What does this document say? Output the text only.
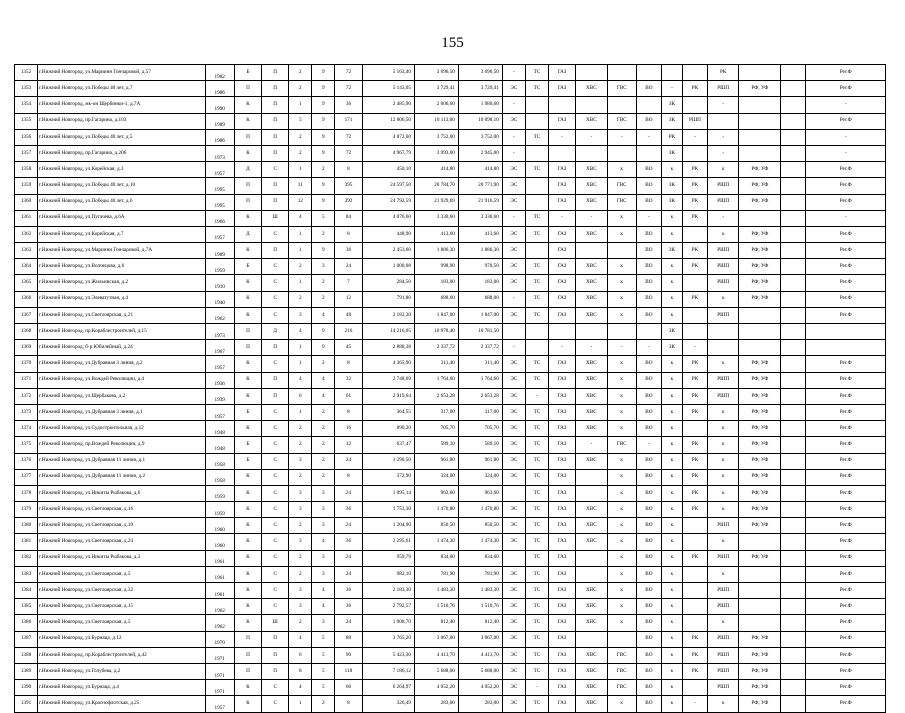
155
1352	г.Нижний Новгород, ул.Мариинн Гончаровой, д.57	1982	Б	П	2	9	72	5 163,40	3 696,50	3 696,50	-	ТС	ГАЗ						РК			Рег.Ф
1353	г.Нижний Новгород, ул.Победы 40 лет, д.7	1986	П	П	2	9	72	5 143,05	3 729,41	3 729,41	ЭС	ТС	ГАЗ	ХВС	ГВС	ВО	-	РК	РШП	РФ; УФ		Рег.Ф
1354	г.Нижний Новгород, мк-он Щербинки-1, д.7А	1990	К	П	1	9	36	2 485,90	2 006,60	1 980,60	-						ЗК		-			-
1355	г.Нижний Новгород, пр.Гагарина, д.103	1989	К	П	5	9	171	12 806,50	10 113,00	10 098,10	ЭС		ГАЗ	ХВС	ГВС	ВО	ЗК	РШП				Рег.Ф
1356	г.Нижний Новгород, ул.Победы 40 лет, д.5	1986	П	П	2	9	72	4 872,00	3 752,00	3 752,00	-	ТС	-	-	-	-	РК	-	-			-
1357	г.Нижний Новгород, пр.Гагарина, д.206	1973	К	П	2	9	72	4 967,79	3 993,00	2 945,00	-						ЗК		-			-
1358	г.Нижний Новгород, ул.Корейская, д.3	1957	Д	С	1	2	8	450,10	414,80	414,80	ЭС	ТС	ГАЗ	ХВС	к	ВО	к	РК	к	РФ; УФ		Рег.Ф
1359	г.Нижний Новгород, ул.Победы 40 лет, д.10	1995	П	П	11	9	395	24 597,50	20 784,70	20 771,90	ЭС		ГАЗ	ХВС	ГВС	ВО	ЗК	РК	РШП	РФ; УФ		Рег.Ф
1360	г.Нижний Новгород, ул.Победы 40 лет, д.6	1995	П	П	12	9	392	24 792,59	21 929,69	21 916,59	ЭС		ГАЗ	ХВС	ГВС	ВО	ЗК	РК	РШП	РФ; УФ		Рег.Ф
1361	г.Нижний Новгород, ул.Пугачева, д.6А	1966	К	Ш	4	5	84	4 076,60	3 330,60	3 330,60	-	ТС	-	-	к	-	к	РК	-			-
1362	г.Нижний Новгород, ул.Корейская, д.7	1957	Д	С	1	2	8	448,90	413,60	413,60	ЭС	ТС	ГАЗ	ХВС	к	ВО	к		к	РФ; УФ		Рег.Ф
1363	г.Нижний Новгород, ул.Мариинн Гончаровой, д.7А	1989	К	П	1	9	36	2 453,60	1 886,30	1 886,30	ЭС		ГАЗ			ВО	ЗК	РК	РШП	РФ; УФ		Рег.Ф
1364	г.Нижний Новгород, ул.Волчецова, д.6	1959	Б	С	2	3	24	1 000,08	998,90	970,50	ЭС	ТС	ГАЗ	ХВС	к	ВО	к	РК	РШП	РФ; УФ		Рег.Ф
1365	г.Нижний Новгород, ул.Жильинская, д.2	1910	К	С	1	2	7	284,50	183,00	183,00	ЭС	ТС	ГАЗ	ХВС	к	ВО	к		РШП	РФ; УФ		Рег.Ф
1366	г.Нижний Новгород, ул.Элеватутная, д.4	1940	К	С	2	2	12	791,80	688,60	688,00	-	ТС	ГАЗ	ХВС	к	ВО	к	РК	к	РФ; УФ		Рег.Ф
1367	г.Нижний Новгород, ул.Светлоярская, д.21	1962	К	С	3	4	48	2 182,30	1 847,00	1 847,00	ЭС	ТС	ГАЗ	ХВС	к	ВО	к		РШП			Рег.Ф
1368	г.Нижний Новгород, пр.Кораблестроителей, д.15	1973	П	Д	4	9	216	14 216,05	10 978,40	10 781,50							ЗК					
1369	г.Нижний Новгород, б-р Юбилейный, д.24	1967	П	П	1	9	45	2 888,38	2 337,72	2 337,72	-		-	-	-	-	ЗК	-				
1370	г.Нижний Новгород, ул.Дубравная 3 линия, д.2	1957	К	С	1	2	8	4 365,90	311,40	311,40	ЭС	ТС	ГАЗ	ХВС	к	ВО	к	РК	к	РФ; УФ		Рег.Ф
1371	г.Нижний Новгород, ул.Вождей Революции, д.4	1936	К	П	4	4	32	2 748,69	1 764,60	1 764,60	ЭС	ТС	ГАЗ	ХВС	к	ВО	к	РК	РШП	РФ; УФ		Рег.Ф
1372	г.Нижний Новгород, ул.Щербакова, д.2	1939	К	П	6	4	61	2 919,64	2 653,28	2 653,28	ЭС	-	ГАЗ	ХВС	к	ВО	к	РК	РШП	РФ; УФ		Рег.Ф
1373	г.Нижний Новгород, ул.Дубравная 3 линия, д.1	1957	Б	С	1	2	8	364,55	317,00	317,00	ЭС	ТС	ГАЗ	ХВС	к	ВО	к	РК	к	РФ; УФ		Рег.Ф
1374	г.Нижний Новгород, ул.Судостроительная, д.12	1948	К	С	2	2	16	890,20	705,70	705,70	ЭС	ТС	ГАЗ	ХВС	к	ВО	к		к	РФ; УФ		Рег.Ф
1375	г.Нижний Новгород, пр.Вождей Революции, д.9	1948	Б	С	2	2	12	637,47	589,10	589,10	ЭС	ТС	ГАЗ	-	ГВС	-	к	РК	к	РФ; УФ		Рег.Ф
1376	г.Нижний Новгород, ул.Дубравная 11 линия, д.1	1958	Б	С	3	2	24	1 290,50	961,80	961,80	ЭС	ТС	ГАЗ	ХВС	к	ВО	к	РК	к	РФ; УФ		Рег.Ф
1377	г.Нижний Новгород, ул.Дубравная 11 линия, д.2	1958	К	С	2	2	8	372,90	324,00	324,00	ЭС	ТС	ГАЗ		к	ВО	к	РК	к	РФ; УФ		Рег.Ф
1378	г.Нижний Новгород, ул.Никиты Рыбакова, д.6	1959	К	С	3	3	24	1 095,14	963,60	963,60		ТС	ГАЗ		к	ВО	к	РК	к	РФ; УФ		Рег.Ф
1379	г.Нижний Новгород, ул.Светлоярская, д.16	1959	К	С	3	3	36	1 753,30	1 470,80	1 470,80	ЭС	ТС	ГАЗ	ХВС	к	ВО	к	РК	к	РФ; УФ		Рег.Ф
1380	г.Нижний Новгород, ул.Светлоярская, д.10	1960	К	С	2	3	24	1 204,90	850,50	850,50	ЭС	ТС	ГАЗ	ХВС	к	ВО	к		РШП	РФ; УФ		Рег.Ф
1381	г.Нижний Новгород, ул.Светлоярская, д.24	1960	К	С	3	4	36	2 295,61	1 474,30	1 474,30	ЭС	ТС	ГАЗ	ХВС	к	ВО	к		к			Рег.Ф
1382	г.Нижний Новгород, ул.Никиты Рыбакова, д.3	1961	К	С	2	3	24	959,79	834,60	834,60		ТС	ГАЗ		к	ВО	к	РК	РШП	РФ; УФ		Рег.Ф
1383	г.Нижний Новгород, ул.Светлоярская, д.5	1961	К	С	2	3	24	982,10	781,90	781,90	ЭС	ТС	ГАЗ		к	ВО	к		к			Рег.Ф
1384	г.Нижний Новгород, ул.Светлоярская, д.32	1961	К	С	3	4	36	2 183,30	1 483,30	1 483,30	ЭС	ТС	ГАЗ	ХВС	к	ВО	к		РШП			Рег.Ф
1385	г.Нижний Новгород, ул.Светлоярская, д.15	1962	К	С	3	4	36	2 792,57	1 510,76	1 510,76	ЭС	ТС	ГАЗ	ХВС	к	ВО	к		РШП			Рег.Ф
1386	г.Нижний Новгород, ул.Светлоярская, д.5	1962	К	Ш	2	3	24	1 008,70	812,40	812,40	ЭС	ТС	ГАЗ	ХВС	к	ВО	к		к			Рег.Ф
1387	г.Нижний Новгород, ул.Бурнаца, д.12	1970	П	П	4	5	80	3 765,20	3 067,00	3 067,00	ЭС	ТС	ГАЗ			ВО	к	РК	РШП	РФ; УФ		Рег.Ф
1388	г.Нижний Новгород, пр.Кораблестроителей, д.42	1971	П	П	6	5	90	5 423,30	4 413,70	4 413,70	ЭС	ТС	ГАЗ	ХВС	ГВС	ВО	к	РК	РШП	РФ; УФ		Рег.Ф
1389	г.Нижний Новгород, ул.Голубева, д.2	1971	П	П	8	5	118	7 186,12	5 688,00	5 688,00	ЭС	ТС	ГАЗ	ХВС	ГВС	ВО	к	РК	РШП	РФ; УФ		Рег.Ф
1390	г.Нижний Новгород, ул.Бурнаца, д.4	1971	К	С	4	5	60	6 264,97	4 052,20	4 052,20	ЭС	-	ГАЗ	ХВС	ГВС	ВО	к		РШП	РФ; УФ		Рег.Ф
1391	г.Нижний Новгород, ул.Краснофлотская, д.25	1957	К	С	1	2	8	326,49	283,00	283,00	ЭС	ТС	ГАЗ	ХВС	к	ВО	к	-	к	РФ; УФ		Рег.Ф
